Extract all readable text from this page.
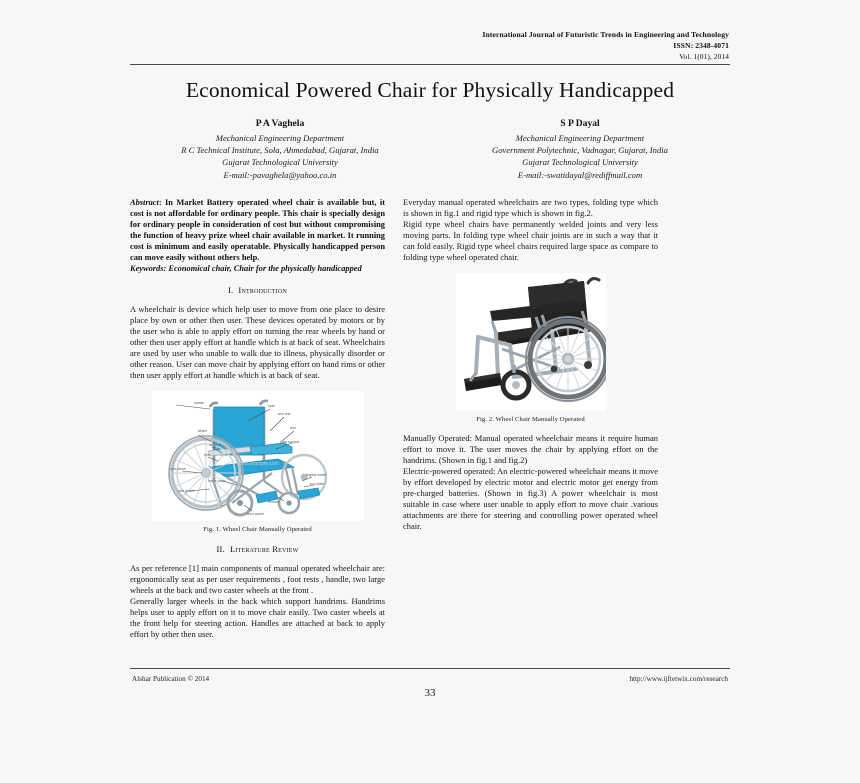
International Journal of Futuristic Trends in Engineering and Technology
ISSN: 2348-4071
Vol. 1(01), 2014
Economical Powered Chair for Physically Handicapped
P A Vaghela
Mechanical Engineering Department
R C Technical Institute, Sola, Ahmedabad, Gujarat, India
Gujarat Technological University
E-mail:-pavaghela@yahoo.co.in
S P Dayal
Mechanical Engineering Department
Government Polytechnic, Vadnagar, Gujarat, India
Gujarat Technological University
E-mail:-swatidayal@rediffmail.com

Abstract: In Market Battery operated wheel chair is available but, it cost is not affordable for ordinary people. This chair is specially design for ordinary people in consideration of cost but without compromising the function of heavy prize wheel chair available in market. It running cost is minimum and easily operatable. Physically handicapped person can move easily without others help.

Keywords: Economical chair, Chair for the physically handicapped

I. Introduction

A wheelchair is device which help user to move from one place to desire place by own or other then user. These devices operated by motors or by the user who is able to apply effort on turning the rear wheels by hand or other then user apply effort at handle which is at back of seat. Wheelchairs are used by user who unable to walk due to illness, physically disorder or other reason. User can move chair by applying effort on hand rims or other then user apply effort at handle which is at back of seat.

handle
seat
arm rest
arm
back support
wheel
handrim
tyre
rear wheel
frame parts
side guard
front caster
footrest
legrest holder
foot plate
www.example.com

Fig. 1. Wheel Chair Manually Operated

II. Literature Review

As per reference [1] main components of manual operated wheelchair are: ergonomically seat as per user requirements , foot rests , handle, two large wheels at the back and two caster wheels at the front .

Generally larger wheels in the back which support handrims. Handrims helps user to apply effort on it to move chair easily. Two caster wheels at the front help for steering action. Handles are attached at back to apply effort by other then user.

Everyday manual operated wheelchairs are two types, folding type which is shown in fig.1 and rigid type which is shown in fig.2.

Rigid type wheel chairs have permanently welded joints and very less moving parts. In folding type wheel chair joints are in such a way that it can fold easily. Rigid type wheel chairs required large space as compare to folding type wheel operated chair.

Fig. 2. Wheel Chair Manually Operated

Manually Operated: Manual operated wheelchair means it require human effort to move it. The user moves the chair by applying effort on the handrims. (Shown in fig.1 and fig.2)

Electric-powered operated: An electric-powered wheelchair means it move by effort developed by electric motor and electric motor get energy from pre-charged batteries. (Shown in fig.3) A power wheelchair is most suitable in case where user unable to apply effort to move chair .various attachments are there for steering and controlling power operated wheel chair.

Alshar Publication © 2014	http://www.ijftetwix.com/research
33
